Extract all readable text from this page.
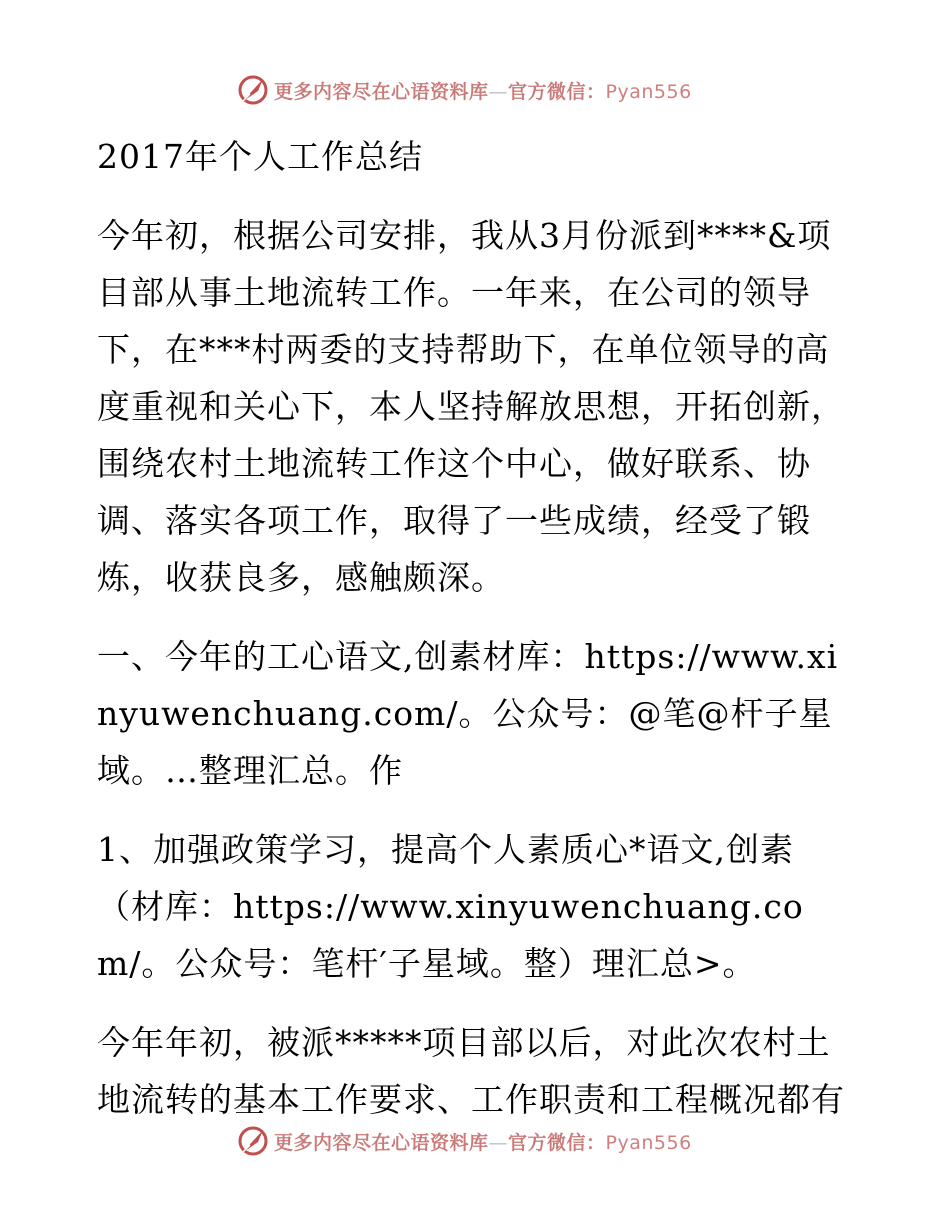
更多内容尽在心语资料库—官方微信：Pyan556

2017年个人工作总结

今年初，根据公司安排，我从3月份派到****&项目部从事土地流转工作。一年来，在公司的领导下，在***村两委的支持帮助下，在单位领导的高度重视和关心下，本人坚持解放思想，开拓创新，围绕农村土地流转工作这个中心，做好联系、协调、落实各项工作，取得了一些成绩，经受了锻炼，收获良多，感触颇深。

一、今年的工心语文,创素材库：https://www.xinyuwenchuang.com/。公众号：@笔@杆子星域。…整理汇总。作

1、加强政策学习，提高个人素质心*语文,创素（材库：https://www.xinyuwenchuang.com/。公众号：笔杆′子星域。整）理汇总>。

今年年初，被派*****项目部以后，对此次农村土地流转的基本工作要求、工作职责和工程概况都有

更多内容尽在心语资料库—官方微信：Pyan556
